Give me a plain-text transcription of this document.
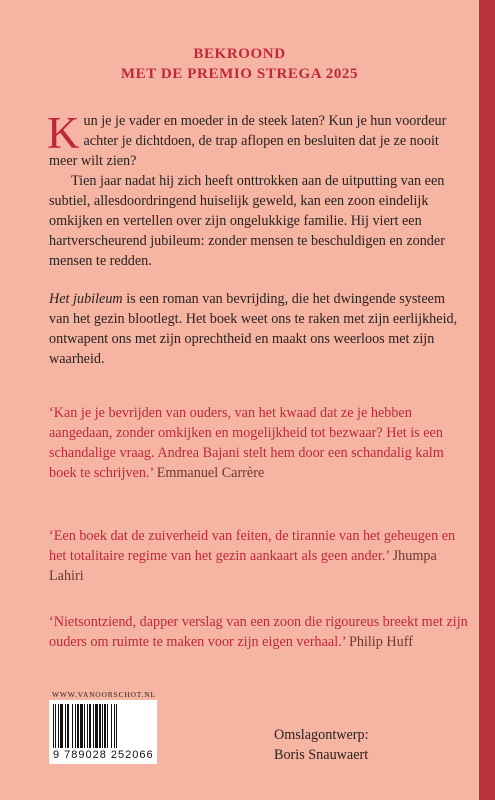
BEKROOND
MET DE PREMIO STREGA 2025
K un je je vader en moeder in de steek laten? Kun je hun voordeur achter je dichtdoen, de trap aflopen en besluiten dat je ze nooit meer wilt zien?

Tien jaar nadat hij zich heeft onttrokken aan de uitputting van een subtiel, allesdoordringend huiselijk geweld, kan een zoon eindelijk omkijken en vertellen over zijn ongelukkige familie. Hij viert een hartverscheurend jubileum: zonder mensen te beschuldigen en zonder mensen te redden.

Het jubileum is een roman van bevrijding, die het dwingende systeem van het gezin blootlegt. Het boek weet ons te raken met zijn eerlijkheid, ontwapent ons met zijn oprechtheid en maakt ons weerloos met zijn waarheid.

‘Kan je je bevrijden van ouders, van het kwaad dat ze je hebben aangedaan, zonder omkijken en mogelijkheid tot bezwaar? Het is een schandalige vraag. Andrea Bajani stelt hem door een schandalig kalm boek te schrijven.’ Emmanuel Carrère
‘Een boek dat de zuiverheid van feiten, de tirannie van het geheugen en het totalitaire regime van het gezin aankaart als geen ander.’ Jhumpa Lahiri
‘Nietsontziend, dapper verslag van een zoon die rigoureus breekt met zijn ouders om ruimte te maken voor zijn eigen verhaal.’ Philip Huff
WWW.VANOORSCHOT.NL
9 789028 252066
Omslagontwerp:
Boris Snauwaert
